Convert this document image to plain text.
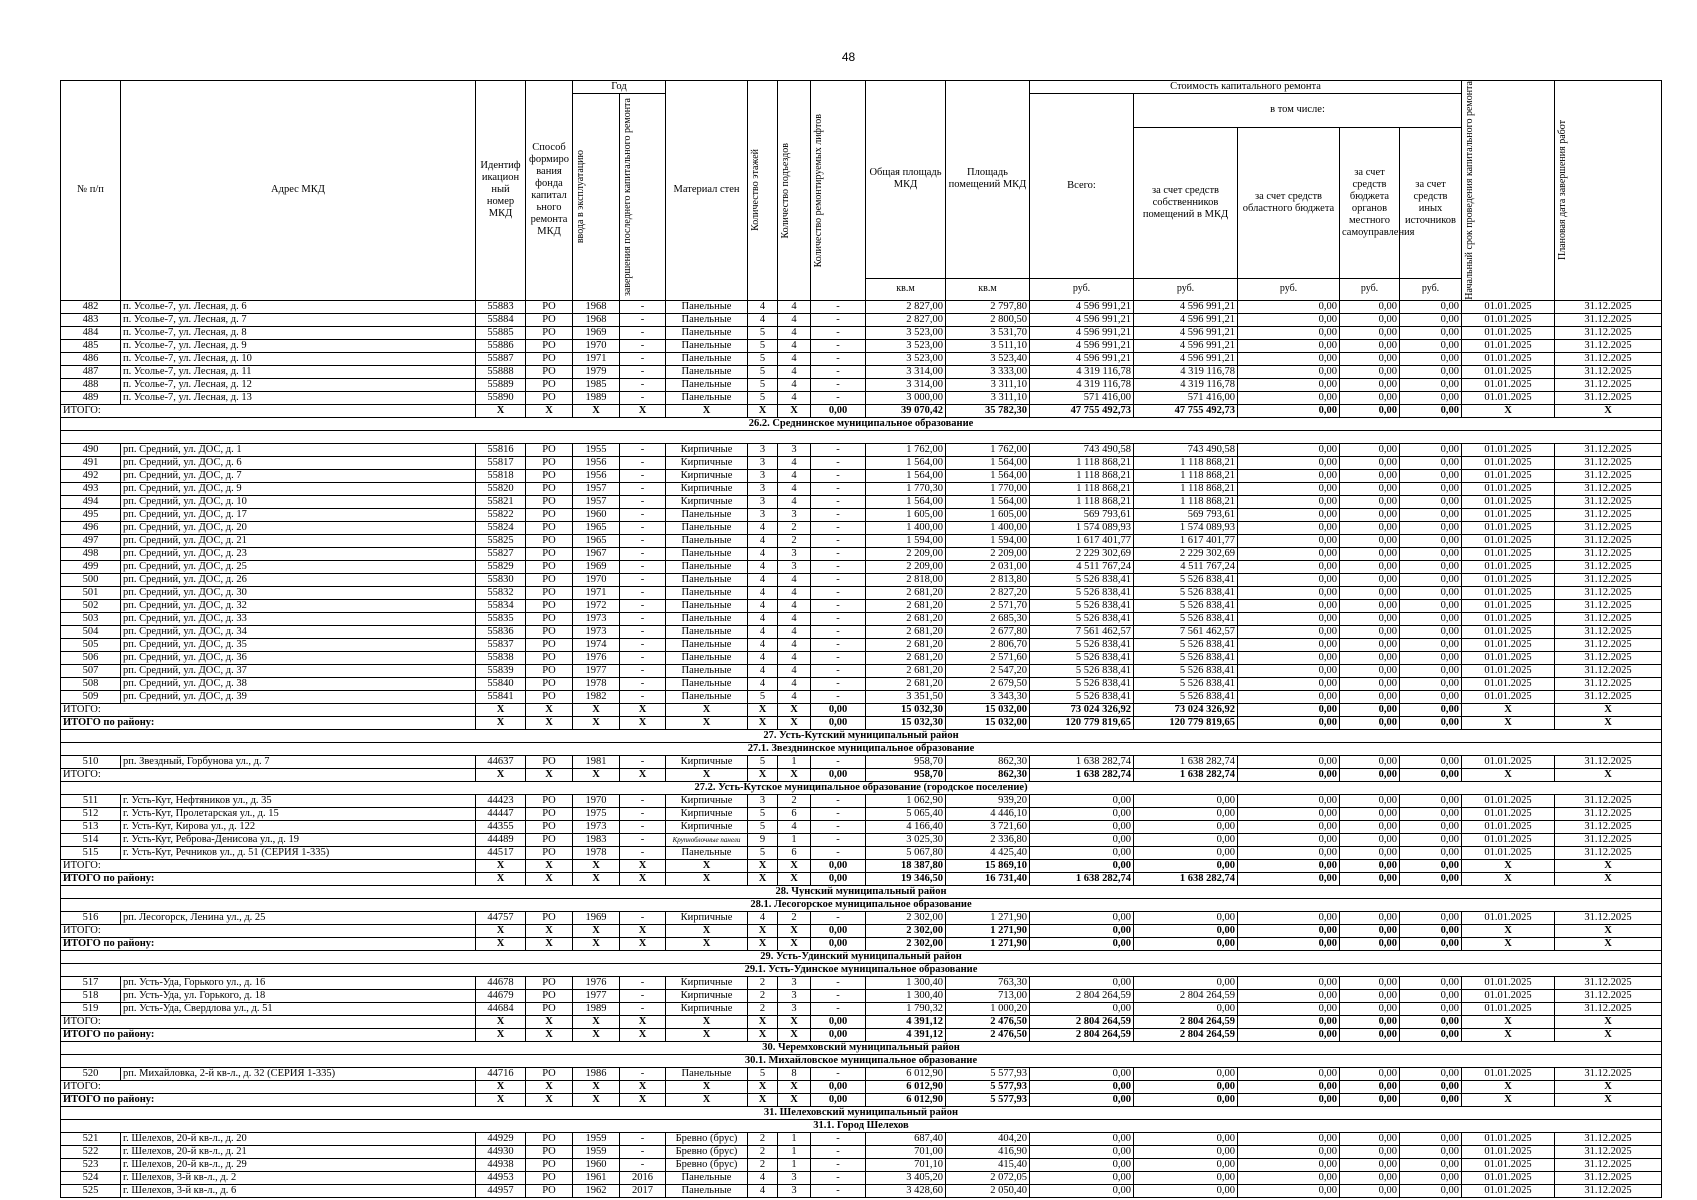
48
№ п/п	Адрес МКД	Идентиф икацион ный номер МКД	Способ формиро вания фонда капитал ьного ремонта МКД	Год		Материал стен	Количество этажей	Количество подъездов	Количество ремонтируемых лифтов	Общая площадь МКД	Площадь помещений МКД	Стоимость капитального ремонта					Начальный срок проведения капитального ремонта	Плановая дата завершения работ

				ввода в эксплуатацию	завершения последнего капитального ремонта							Всего:	в том числе:					
													за счет средств собственников помещений в МКД	за счет средств областного бюджета	за счет средств бюджета органов местного самоуправления	за счет средств иных источников		
										кв.м	кв.м	руб.	руб.	руб.	руб.	руб.		
482	п. Усолье-7, ул. Лесная, д. 6	55883	РО	1968	-	Панельные	4	4	-	2 827,00	2 797,80	4 596 991,21	4 596 991,21	0,00	0,00	0,00	01.01.2025	31.12.2025
483	п. Усолье-7, ул. Лесная, д. 7	55884	РО	1968	-	Панельные	4	4	-	2 827,00	2 800,50	4 596 991,21	4 596 991,21	0,00	0,00	0,00	01.01.2025	31.12.2025
484	п. Усолье-7, ул. Лесная, д. 8	55885	РО	1969	-	Панельные	5	4	-	3 523,00	3 531,70	4 596 991,21	4 596 991,21	0,00	0,00	0,00	01.01.2025	31.12.2025
485	п. Усолье-7, ул. Лесная, д. 9	55886	РО	1970	-	Панельные	5	4	-	3 523,00	3 511,10	4 596 991,21	4 596 991,21	0,00	0,00	0,00	01.01.2025	31.12.2025
486	п. Усолье-7, ул. Лесная, д. 10	55887	РО	1971	-	Панельные	5	4	-	3 523,00	3 523,40	4 596 991,21	4 596 991,21	0,00	0,00	0,00	01.01.2025	31.12.2025
487	п. Усолье-7, ул. Лесная, д. 11	55888	РО	1979	-	Панельные	5	4	-	3 314,00	3 333,00	4 319 116,78	4 319 116,78	0,00	0,00	0,00	01.01.2025	31.12.2025
488	п. Усолье-7, ул. Лесная, д. 12	55889	РО	1985	-	Панельные	5	4	-	3 314,00	3 311,10	4 319 116,78	4 319 116,78	0,00	0,00	0,00	01.01.2025	31.12.2025
489	п. Усолье-7, ул. Лесная, д. 13	55890	РО	1989	-	Панельные	5	4	-	3 000,00	3 311,10	571 416,00	571 416,00	0,00	0,00	0,00	01.01.2025	31.12.2025
ИТОГО:		X	X	X	X	X	X	X	0,00	39 070,42	35 782,30	47 755 492,73	47 755 492,73	0,00	0,00	0,00	X	X
26.2. Среднинское муниципальное образование																		

490	рп. Средний, ул. ДОС, д. 1	55816	РО	1955	-	Кирпичные	3	3	-	1 762,00	1 762,00	743 490,58	743 490,58	0,00	0,00	0,00	01.01.2025	31.12.2025
491	рп. Средний, ул. ДОС, д. 6	55817	РО	1956	-	Кирпичные	3	4	-	1 564,00	1 564,00	1 118 868,21	1 118 868,21	0,00	0,00	0,00	01.01.2025	31.12.2025
492	рп. Средний, ул. ДОС, д. 7	55818	РО	1956	-	Кирпичные	3	4	-	1 564,00	1 564,00	1 118 868,21	1 118 868,21	0,00	0,00	0,00	01.01.2025	31.12.2025
493	рп. Средний, ул. ДОС, д. 9	55820	РО	1957	-	Кирпичные	3	4	-	1 770,30	1 770,00	1 118 868,21	1 118 868,21	0,00	0,00	0,00	01.01.2025	31.12.2025
494	рп. Средний, ул. ДОС, д. 10	55821	РО	1957	-	Кирпичные	3	4	-	1 564,00	1 564,00	1 118 868,21	1 118 868,21	0,00	0,00	0,00	01.01.2025	31.12.2025
495	рп. Средний, ул. ДОС, д. 17	55822	РО	1960	-	Панельные	3	3	-	1 605,00	1 605,00	569 793,61	569 793,61	0,00	0,00	0,00	01.01.2025	31.12.2025
496	рп. Средний, ул. ДОС, д. 20	55824	РО	1965	-	Панельные	4	2	-	1 400,00	1 400,00	1 574 089,93	1 574 089,93	0,00	0,00	0,00	01.01.2025	31.12.2025
497	рп. Средний, ул. ДОС, д. 21	55825	РО	1965	-	Панельные	4	2	-	1 594,00	1 594,00	1 617 401,77	1 617 401,77	0,00	0,00	0,00	01.01.2025	31.12.2025
498	рп. Средний, ул. ДОС, д. 23	55827	РО	1967	-	Панельные	4	3	-	2 209,00	2 209,00	2 229 302,69	2 229 302,69	0,00	0,00	0,00	01.01.2025	31.12.2025
499	рп. Средний, ул. ДОС, д. 25	55829	РО	1969	-	Панельные	4	3	-	2 209,00	2 031,00	4 511 767,24	4 511 767,24	0,00	0,00	0,00	01.01.2025	31.12.2025
500	рп. Средний, ул. ДОС, д. 26	55830	РО	1970	-	Панельные	4	4	-	2 818,00	2 813,80	5 526 838,41	5 526 838,41	0,00	0,00	0,00	01.01.2025	31.12.2025
501	рп. Средний, ул. ДОС, д. 30	55832	РО	1971	-	Панельные	4	4	-	2 681,20	2 827,20	5 526 838,41	5 526 838,41	0,00	0,00	0,00	01.01.2025	31.12.2025
502	рп. Средний, ул. ДОС, д. 32	55834	РО	1972	-	Панельные	4	4	-	2 681,20	2 571,70	5 526 838,41	5 526 838,41	0,00	0,00	0,00	01.01.2025	31.12.2025
503	рп. Средний, ул. ДОС, д. 33	55835	РО	1973	-	Панельные	4	4	-	2 681,20	2 685,30	5 526 838,41	5 526 838,41	0,00	0,00	0,00	01.01.2025	31.12.2025
504	рп. Средний, ул. ДОС, д. 34	55836	РО	1973	-	Панельные	4	4	-	2 681,20	2 677,80	7 561 462,57	7 561 462,57	0,00	0,00	0,00	01.01.2025	31.12.2025
505	рп. Средний, ул. ДОС, д. 35	55837	РО	1974	-	Панельные	4	4	-	2 681,20	2 806,70	5 526 838,41	5 526 838,41	0,00	0,00	0,00	01.01.2025	31.12.2025
506	рп. Средний, ул. ДОС, д. 36	55838	РО	1976	-	Панельные	4	4	-	2 681,20	2 571,60	5 526 838,41	5 526 838,41	0,00	0,00	0,00	01.01.2025	31.12.2025
507	рп. Средний, ул. ДОС, д. 37	55839	РО	1977	-	Панельные	4	4	-	2 681,20	2 547,20	5 526 838,41	5 526 838,41	0,00	0,00	0,00	01.01.2025	31.12.2025
508	рп. Средний, ул. ДОС, д. 38	55840	РО	1978	-	Панельные	4	4	-	2 681,20	2 679,50	5 526 838,41	5 526 838,41	0,00	0,00	0,00	01.01.2025	31.12.2025
509	рп. Средний, ул. ДОС, д. 39	55841	РО	1982	-	Панельные	5	4	-	3 351,50	3 343,30	5 526 838,41	5 526 838,41	0,00	0,00	0,00	01.01.2025	31.12.2025
ИТОГО:		X	X	X	X	X	X	X	0,00	15 032,30	15 032,00	73 024 326,92	73 024 326,92	0,00	0,00	0,00	X	X
ИТОГО по району:		X	X	X	X	X	X	X	0,00	15 032,30	15 032,00	120 779 819,65	120 779 819,65	0,00	0,00	0,00	X	X
27. Усть-Кутский муниципальный район																		
27.1. Звезднинское муниципальное образование																		
510	рп. Звездный, Горбунова ул., д. 7	44637	РО	1981	-	Кирпичные	5	1	-	958,70	862,30	1 638 282,74	1 638 282,74	0,00	0,00	0,00	01.01.2025	31.12.2025
ИТОГО:		X	X	X	X	X	X	X	0,00	958,70	862,30	1 638 282,74	1 638 282,74	0,00	0,00	0,00	X	X
27.2. Усть-Кутское муниципальное образование (городское поселение)																		
511	г. Усть-Кут, Нефтяников ул., д. 35	44423	РО	1970	-	Кирпичные	3	2	-	1 062,90	939,20	0,00	0,00	0,00	0,00	0,00	01.01.2025	31.12.2025
512	г. Усть-Кут, Пролетарская ул., д. 15	44447	РО	1975	-	Кирпичные	5	6	-	5 065,40	4 446,10	0,00	0,00	0,00	0,00	0,00	01.01.2025	31.12.2025
513	г. Усть-Кут, Кирова ул., д. 122	44355	РО	1973	-	Кирпичные	5	4	-	4 166,40	3 721,60	0,00	0,00	0,00	0,00	0,00	01.01.2025	31.12.2025
514	г. Усть-Кут, Реброва-Денисова ул., д. 19	44489	РО	1983	-	Крупноблочные панели	9	1	-	3 025,30	2 336,80	0,00	0,00	0,00	0,00	0,00	01.01.2025	31.12.2025
515	г. Усть-Кут, Речников ул., д. 51 (СЕРИЯ 1-335)	44517	РО	1978	-	Панельные	5	6	-	5 067,80	4 425,40	0,00	0,00	0,00	0,00	0,00	01.01.2025	31.12.2025
ИТОГО:		X	X	X	X	X	X	X	0,00	18 387,80	15 869,10	0,00	0,00	0,00	0,00	0,00	X	X
ИТОГО по району:		X	X	X	X	X	X	X	0,00	19 346,50	16 731,40	1 638 282,74	1 638 282,74	0,00	0,00	0,00	X	X
28. Чунский муниципальный район																		
28.1. Лесогорское муниципальное образование																		
516	рп. Лесогорск, Ленина ул., д. 25	44757	РО	1969	-	Кирпичные	4	2	-	2 302,00	1 271,90	0,00	0,00	0,00	0,00	0,00	01.01.2025	31.12.2025
ИТОГО:		X	X	X	X	X	X	X	0,00	2 302,00	1 271,90	0,00	0,00	0,00	0,00	0,00	X	X
ИТОГО по району:		X	X	X	X	X	X	X	0,00	2 302,00	1 271,90	0,00	0,00	0,00	0,00	0,00	X	X
29. Усть-Удинский муниципальный район																		
29.1. Усть-Удинское муниципальное образование																		
517	рп. Усть-Уда, Горького ул., д. 16	44678	РО	1976	-	Кирпичные	2	3	-	1 300,40	763,30	0,00	0,00	0,00	0,00	0,00	01.01.2025	31.12.2025
518	рп. Усть-Уда, ул. Горького, д. 18	44679	РО	1977	-	Кирпичные	2	3	-	1 300,40	713,00	2 804 264,59	2 804 264,59	0,00	0,00	0,00	01.01.2025	31.12.2025
519	рп. Усть-Уда, Свердлова ул., д. 51	44684	РО	1989	-	Кирпичные	2	3	-	1 790,32	1 000,20	0,00	0,00	0,00	0,00	0,00	01.01.2025	31.12.2025
ИТОГО:		X	X	X	X	X	X	X	0,00	4 391,12	2 476,50	2 804 264,59	2 804 264,59	0,00	0,00	0,00	X	X
ИТОГО по району:		X	X	X	X	X	X	X	0,00	4 391,12	2 476,50	2 804 264,59	2 804 264,59	0,00	0,00	0,00	X	X
30. Черемховский муниципальный район																		
30.1. Михайловское муниципальное образование																		
520	рп. Михайловка, 2-й кв-л., д. 32 (СЕРИЯ 1-335)	44716	РО	1986	-	Панельные	5	8	-	6 012,90	5 577,93	0,00	0,00	0,00	0,00	0,00	01.01.2025	31.12.2025
ИТОГО:		X	X	X	X	X	X	X	0,00	6 012,90	5 577,93	0,00	0,00	0,00	0,00	0,00	X	X
ИТОГО по району:		X	X	X	X	X	X	X	0,00	6 012,90	5 577,93	0,00	0,00	0,00	0,00	0,00	X	X
31. Шелеховский муниципальный район																		
31.1. Город Шелехов																		
521	г. Шелехов, 20-й кв-л., д. 20	44929	РО	1959	-	Бревно (брус)	2	1	-	687,40	404,20	0,00	0,00	0,00	0,00	0,00	01.01.2025	31.12.2025
522	г. Шелехов, 20-й кв-л., д. 21	44930	РО	1959	-	Бревно (брус)	2	1	-	701,00	416,90	0,00	0,00	0,00	0,00	0,00	01.01.2025	31.12.2025
523	г. Шелехов, 20-й кв-л., д. 29	44938	РО	1960	-	Бревно (брус)	2	1	-	701,10	415,40	0,00	0,00	0,00	0,00	0,00	01.01.2025	31.12.2025
524	г. Шелехов, 3-й кв-л., д. 2	44953	РО	1961	2016	Панельные	4	3	-	3 405,20	2 072,05	0,00	0,00	0,00	0,00	0,00	01.01.2025	31.12.2025
525	г. Шелехов, 3-й кв-л., д. 6	44957	РО	1962	2017	Панельные	4	3	-	3 428,60	2 050,40	0,00	0,00	0,00	0,00	0,00	01.01.2025	31.12.2025
